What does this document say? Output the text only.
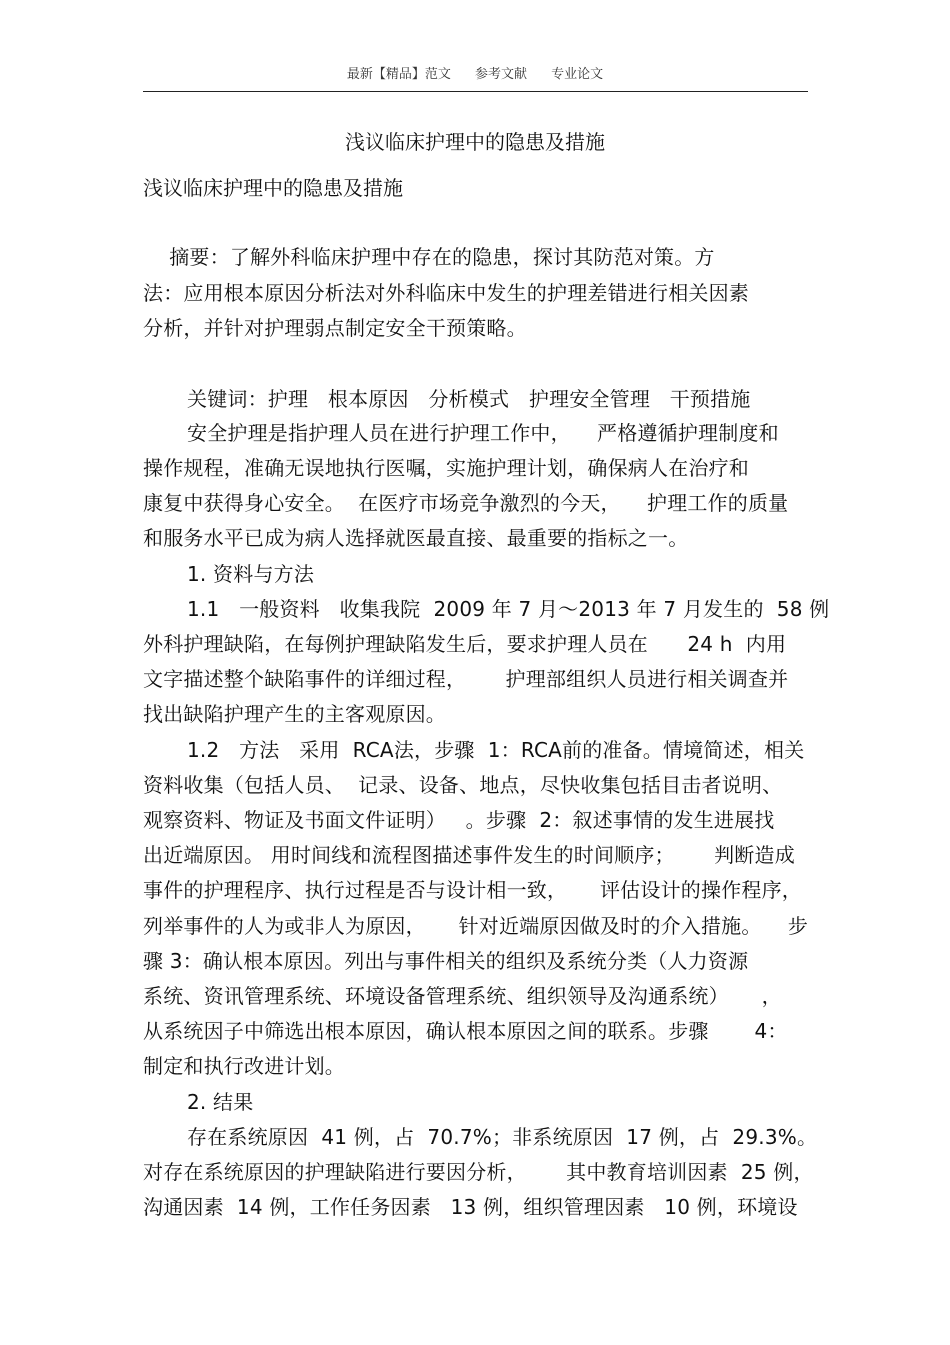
最新【精品】范文 参考文献 专业论文
浅议临床护理中的隐患及措施
浅议临床护理中的隐患及措施
摘要：了解外科临床护理中存在的隐患，探讨其防范对策。方
法：应用根本原因分析法对外科临床中发生的护理差错进行相关因素
分析，并针对护理弱点制定安全干预策略。
关键词：护理   根本原因   分析模式   护理安全管理   干预措施
安全护理是指护理人员在进行护理工作中，    严格遵循护理制度和
操作规程，准确无误地执行医嘱，实施护理计划，确保病人在治疗和
康复中获得身心安全。  在医疗市场竞争激烈的今天，    护理工作的质量
和服务水平已成为病人选择就医最直接、最重要的指标之一。
1. 资料与方法
1.1   一般资料   收集我院  2009 年 7 月～2013 年 7 月发生的  58 例
外科护理缺陷，在每例护理缺陷发生后，要求护理人员在      24 h  内用
文字描述整个缺陷事件的详细过程，      护理部组织人员进行相关调查并
找出缺陷护理产生的主客观原因。
1.2   方法   采用  RCA法，步骤  1：RCA前的准备。情境简述，相关
资料收集（包括人员、  记录、设备、地点，尽快收集包括目击者说明、
观察资料、物证及书面文件证明）   。步骤  2：叙述事情的发生进展找
出近端原因。 用时间线和流程图描述事件发生的时间顺序；      判断造成
事件的护理程序、执行过程是否与设计相一致，     评估设计的操作程序，
列举事件的人为或非人为原因，     针对近端原因做及时的介入措施。    步
骤 3：确认根本原因。列出与事件相关的组织及系统分类（人力资源
系统、资讯管理系统、环境设备管理系统、组织领导及沟通系统）     ，
从系统因子中筛选出根本原因，确认根本原因之间的联系。步骤       4：
制定和执行改进计划。
2. 结果
存在系统原因  41 例，占  70.7%；非系统原因  17 例，占  29.3%。
对存在系统原因的护理缺陷进行要因分析，      其中教育培训因素  25 例，
沟通因素  14 例，工作任务因素   13 例，组织管理因素   10 例，环境设
